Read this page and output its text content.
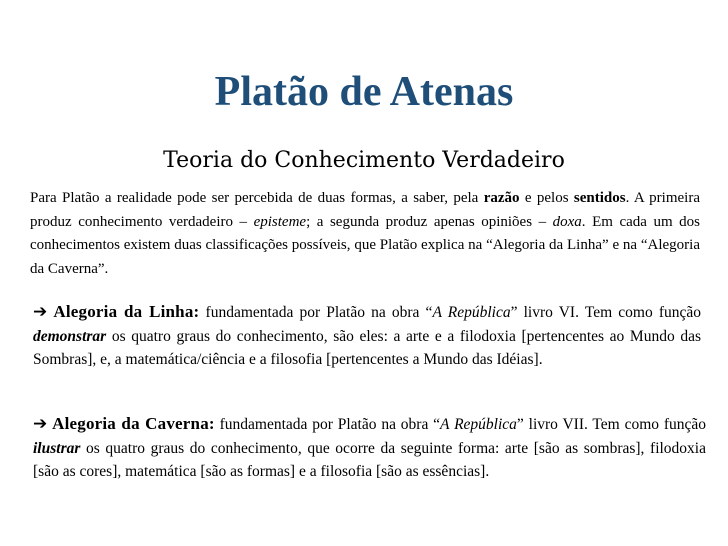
Platão de Atenas
Teoria do Conhecimento Verdadeiro
Para Platão a realidade pode ser percebida de duas formas, a saber, pela razão e pelos sentidos. A primeira produz conhecimento verdadeiro – episteme; a segunda produz apenas opiniões – doxa. Em cada um dos conhecimentos existem duas classificações possíveis, que Platão explica na “Alegoria da Linha” e na “Alegoria da Caverna”.
➔ Alegoria da Linha: fundamentada por Platão na obra “A República” livro VI. Tem como função demonstrar os quatro graus do conhecimento, são eles: a arte e a filodoxia [pertencentes ao Mundo das Sombras], e, a matemática/ciência e a filosofia [pertencentes a Mundo das Idéias].
➔ Alegoria da Caverna: fundamentada por Platão na obra “A República” livro VII. Tem como função ilustrar os quatro graus do conhecimento, que ocorre da seguinte forma: arte [são as sombras], filodoxia [são as cores], matemática [são as formas] e a filosofia [são as essências].
